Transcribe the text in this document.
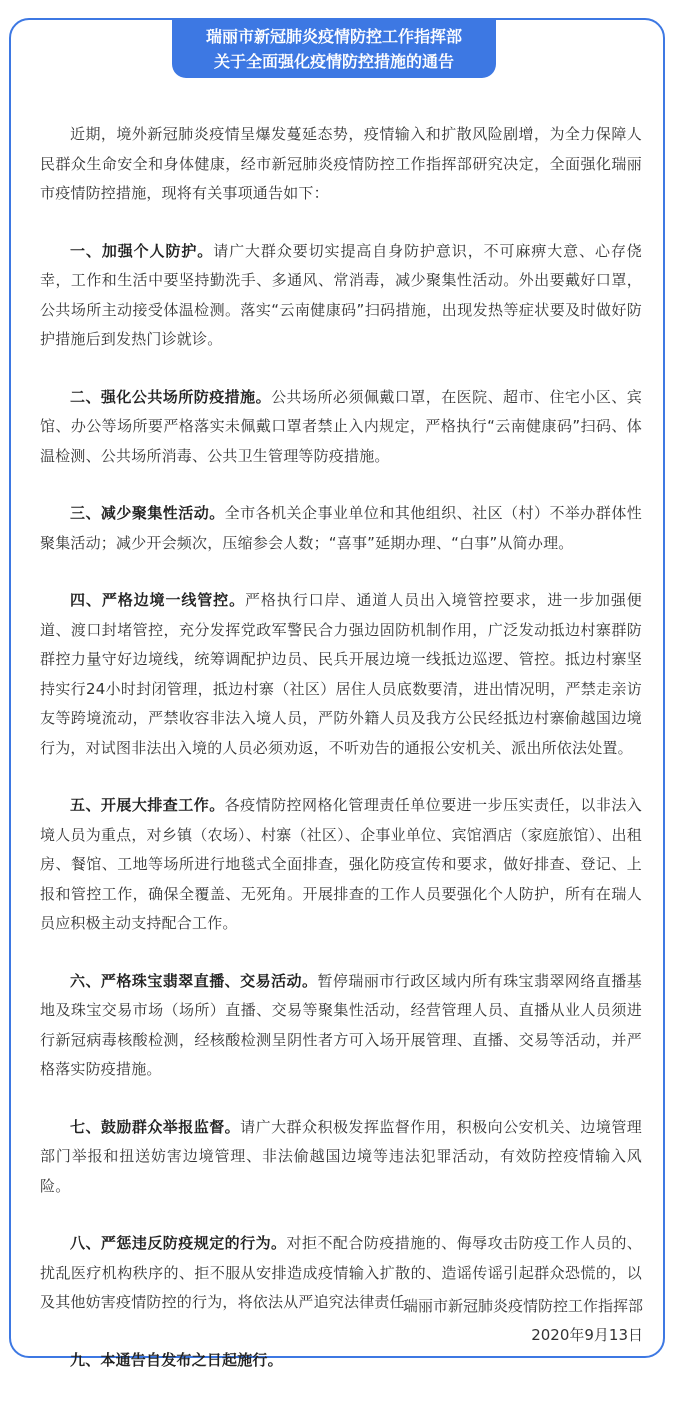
瑞丽市新冠肺炎疫情防控工作指挥部
关于全面强化疫情防控措施的通告

近期，境外新冠肺炎疫情呈爆发蔓延态势，疫情输入和扩散风险剧增，为全力保障人民群众生命安全和身体健康，经市新冠肺炎疫情防控工作指挥部研究决定，全面强化瑞丽市疫情防控措施，现将有关事项通告如下：

一、加强个人防护。请广大群众要切实提高自身防护意识，不可麻痹大意、心存侥幸，工作和生活中要坚持勤洗手、多通风、常消毒，减少聚集性活动。外出要戴好口罩，公共场所主动接受体温检测。落实“云南健康码”扫码措施，出现发热等症状要及时做好防护措施后到发热门诊就诊。

二、强化公共场所防疫措施。公共场所必须佩戴口罩，在医院、超市、住宅小区、宾馆、办公等场所要严格落实未佩戴口罩者禁止入内规定，严格执行“云南健康码”扫码、体温检测、公共场所消毒、公共卫生管理等防疫措施。

三、减少聚集性活动。全市各机关企事业单位和其他组织、社区（村）不举办群体性聚集活动；减少开会频次，压缩参会人数；“喜事”延期办理、“白事”从简办理。

四、严格边境一线管控。严格执行口岸、通道人员出入境管控要求，进一步加强便道、渡口封堵管控，充分发挥党政军警民合力强边固防机制作用，广泛发动抵边村寨群防群控力量守好边境线，统筹调配护边员、民兵开展边境一线抵边巡逻、管控。抵边村寨坚持实行24小时封闭管理，抵边村寨（社区）居住人员底数要清，进出情况明，严禁走亲访友等跨境流动，严禁收容非法入境人员，严防外籍人员及我方公民经抵边村寨偷越国边境行为，对试图非法出入境的人员必须劝返，不听劝告的通报公安机关、派出所依法处置。

五、开展大排查工作。各疫情防控网格化管理责任单位要进一步压实责任，以非法入境人员为重点，对乡镇（农场）、村寨（社区）、企事业单位、宾馆酒店（家庭旅馆）、出租房、餐馆、工地等场所进行地毯式全面排查，强化防疫宣传和要求，做好排查、登记、上报和管控工作，确保全覆盖、无死角。开展排查的工作人员要强化个人防护，所有在瑞人员应积极主动支持配合工作。

六、严格珠宝翡翠直播、交易活动。暂停瑞丽市行政区域内所有珠宝翡翠网络直播基地及珠宝交易市场（场所）直播、交易等聚集性活动，经营管理人员、直播从业人员须进行新冠病毒核酸检测，经核酸检测呈阴性者方可入场开展管理、直播、交易等活动，并严格落实防疫措施。

七、鼓励群众举报监督。请广大群众积极发挥监督作用，积极向公安机关、边境管理部门举报和扭送妨害边境管理、非法偷越国边境等违法犯罪活动，有效防控疫情输入风险。

八、严惩违反防疫规定的行为。对拒不配合防疫措施的、侮辱攻击防疫工作人员的、扰乱医疗机构秩序的、拒不服从安排造成疫情输入扩散的、造谣传谣引起群众恐慌的，以及其他妨害疫情防控的行为，将依法从严追究法律责任。

九、本通告自发布之日起施行。

瑞丽市新冠肺炎疫情防控工作指挥部
2020年9月13日
